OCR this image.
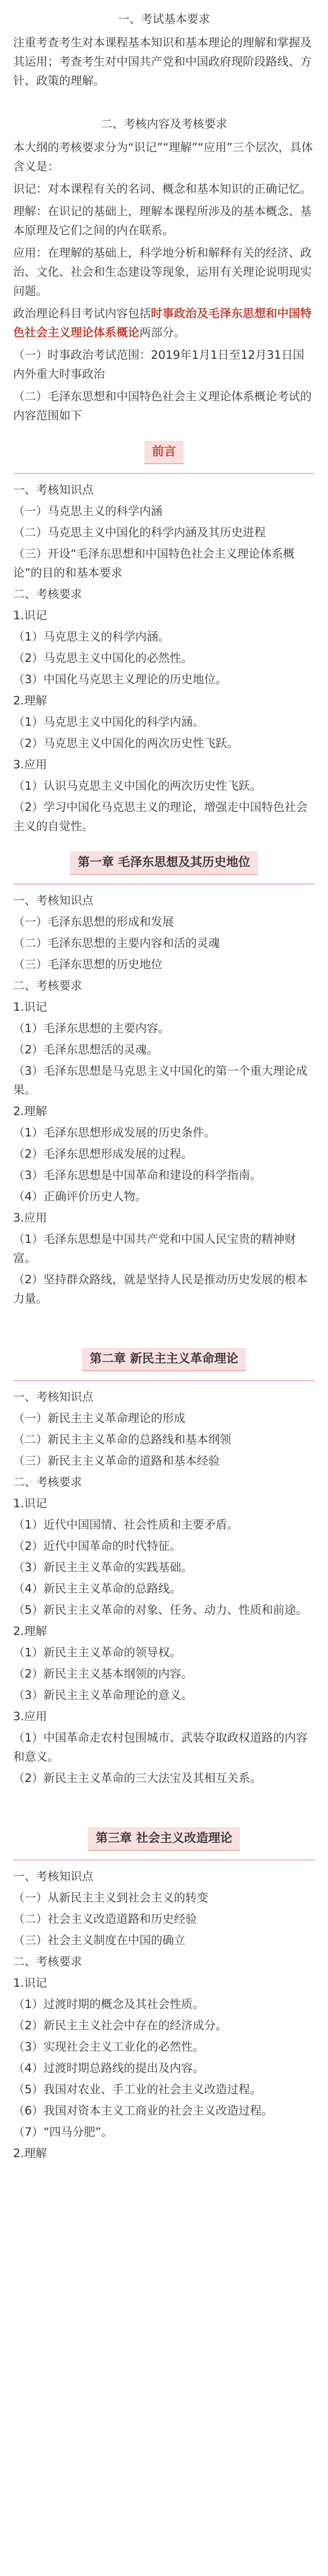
一、考试基本要求
注重考查考生对本课程基本知识和基本理论的理解和掌握及其运用；考查考生对中国共产党和中国政府现阶段路线、方针、政策的理解。
二、考核内容及考核要求
本大纲的考核要求分为“识记”“理解”“应用”三个层次，具体含义是：
识记：对本课程有关的名词、概念和基本知识的正确记忆。
理解：在识记的基础上，理解本课程所涉及的基本概念、基本原理及它们之间的内在联系。
应用：在理解的基础上，科学地分析和解释有关的经济、政治、文化、社会和生态建设等现象，运用有关理论说明现实问题。
政治理论科目考试内容包括时事政治及毛泽东思想和中国特色社会主义理论体系概论两部分。
（一）时事政治考试范围：2019年1月1日至12月31日国内外重大时事政治
（二）毛泽东思想和中国特色社会主义理论体系概论考试的内容范围如下
前言
一、考核知识点
（一）马克思主义的科学内涵
（二）马克思主义中国化的科学内涵及其历史进程
（三）开设“毛泽东思想和中国特色社会主义理论体系概论”的目的和基本要求
二、考核要求
1.识记
（1）马克思主义的科学内涵。
（2）马克思主义中国化的必然性。
（3）中国化马克思主义理论的历史地位。
2.理解
（1）马克思主义中国化的科学内涵。
（2）马克思主义中国化的两次历史性飞跃。
3.应用
（1）认识马克思主义中国化的两次历史性飞跃。
（2）学习中国化马克思主义的理论，增强走中国特色社会主义的自觉性。
第一章 毛泽东思想及其历史地位
一、考核知识点
（一）毛泽东思想的形成和发展
（二）毛泽东思想的主要内容和活的灵魂
（三）毛泽东思想的历史地位
二、考核要求
1.识记
（1）毛泽东思想的主要内容。
（2）毛泽东思想活的灵魂。
（3）毛泽东思想是马克思主义中国化的第一个重大理论成果。
2.理解
（1）毛泽东思想形成发展的历史条件。
（2）毛泽东思想形成发展的过程。
（3）毛泽东思想是中国革命和建设的科学指南。
（4）正确评价历史人物。
3.应用
（1）毛泽东思想是中国共产党和中国人民宝贵的精神财富。
（2）坚持群众路线，就是坚持人民是推动历史发展的根本力量。
第二章 新民主主义革命理论
一、考核知识点
（一）新民主主义革命理论的形成
（二）新民主主义革命的总路线和基本纲领
（三）新民主主义革命的道路和基本经验
二、考核要求
1.识记
（1）近代中国国情、社会性质和主要矛盾。
（2）近代中国革命的时代特征。
（3）新民主主义革命的实践基础。
（4）新民主主义革命的总路线。
（5）新民主主义革命的对象、任务、动力、性质和前途。
2.理解
（1）新民主主义革命的领导权。
（2）新民主主义基本纲领的内容。
（3）新民主主义革命理论的意义。
3.应用
（1）中国革命走农村包围城市、武装夺取政权道路的内容和意义。
（2）新民主主义革命的三大法宝及其相互关系。
第三章 社会主义改造理论
一、考核知识点
（一）从新民主主义到社会主义的转变
（二）社会主义改造道路和历史经验
（三）社会主义制度在中国的确立
二、考核要求
1.识记
（1）过渡时期的概念及其社会性质。
（2）新民主主义社会中存在的经济成分。
（3）实现社会主义工业化的必然性。
（4）过渡时期总路线的提出及内容。
（5）我国对农业、手工业的社会主义改造过程。
（6）我国对资本主义工商业的社会主义改造过程。
（7）“四马分肥”。
2.理解
